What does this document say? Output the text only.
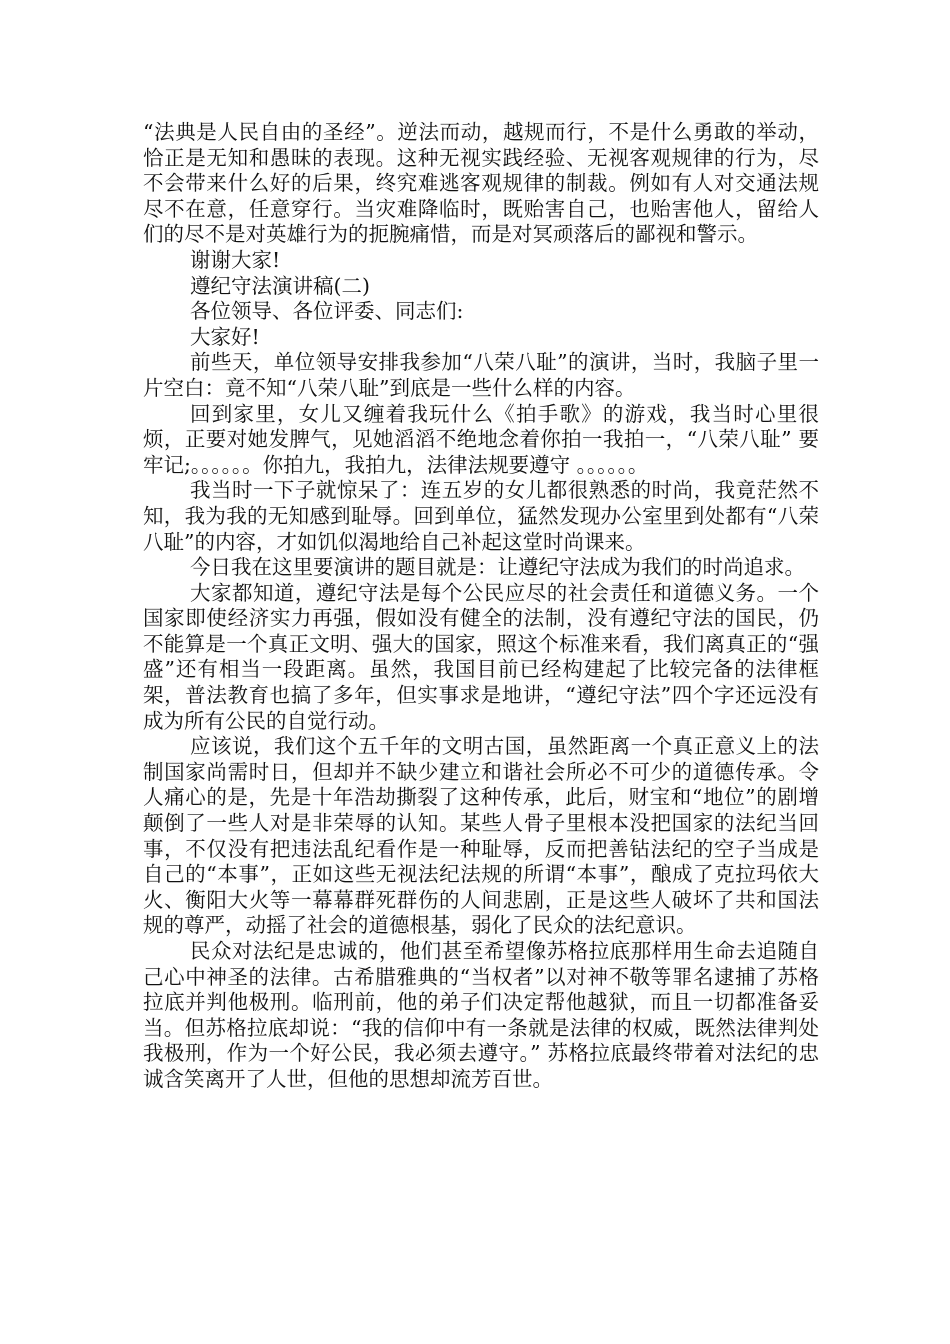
“法典是人民自由的圣经”。逆法而动，越规而行，不是什么勇敢的举动，恰正是无知和愚昧的表现。这种无视实践经验、无视客观规律的行为，尽不会带来什么好的后果，终究难逃客观规律的制裁。例如有人对交通法规尽不在意，任意穿行。当灾难降临时，既贻害自己，也贻害他人，留给人们的尽不是对英雄行为的扼腕痛惜，而是对冥顽落后的鄙视和警示。

谢谢大家!

遵纪守法演讲稿(二)

各位领导、各位评委、同志们:

大家好!

前些天，单位领导安排我参加“八荣八耻”的演讲，当时，我脑子里一片空白：竟不知“八荣八耻”到底是一些什么样的内容。

回到家里，女儿又缠着我玩什么《拍手歌》的游戏，我当时心里很烦，正要对她发脾气，见她滔滔不绝地念着你拍一我拍一，“八荣八耻” 要牢记;。。。。。。你拍九，我拍九，法律法规要遵守 。。。。。。

我当时一下子就惊呆了：连五岁的女儿都很熟悉的时尚，我竟茫然不知，我为我的无知感到耻辱。回到单位，猛然发现办公室里到处都有“八荣八耻”的内容，才如饥似渴地给自己补起这堂时尚课来。

今日我在这里要演讲的题目就是：让遵纪守法成为我们的时尚追求。

大家都知道，遵纪守法是每个公民应尽的社会责任和道德义务。一个国家即使经济实力再强，假如没有健全的法制，没有遵纪守法的国民，仍不能算是一个真正文明、强大的国家，照这个标准来看，我们离真正的“强盛”还有相当一段距离。虽然，我国目前已经构建起了比较完备的法律框架，普法教育也搞了多年，但实事求是地讲，“遵纪守法”四个字还远没有成为所有公民的自觉行动。

应该说，我们这个五千年的文明古国，虽然距离一个真正意义上的法制国家尚需时日，但却并不缺少建立和谐社会所必不可少的道德传承。令人痛心的是，先是十年浩劫撕裂了这种传承，此后，财宝和“地位”的剧增颠倒了一些人对是非荣辱的认知。某些人骨子里根本没把国家的法纪当回事，不仅没有把违法乱纪看作是一种耻辱，反而把善钻法纪的空子当成是自己的“本事”，正如这些无视法纪法规的所谓“本事”，酿成了克拉玛依大火、衡阳大火等一幕幕群死群伤的人间悲剧，正是这些人破坏了共和国法规的尊严，动摇了社会的道德根基，弱化了民众的法纪意识。

民众对法纪是忠诚的，他们甚至希望像苏格拉底那样用生命去追随自己心中神圣的法律。古希腊雅典的“当权者”以对神不敬等罪名逮捕了苏格拉底并判他极刑。临刑前，他的弟子们决定帮他越狱，而且一切都准备妥当。但苏格拉底却说：“我的信仰中有一条就是法律的权威，既然法律判处我极刑，作为一个好公民，我必须去遵守。” 苏格拉底最终带着对法纪的忠诚含笑离开了人世，但他的思想却流芳百世。
